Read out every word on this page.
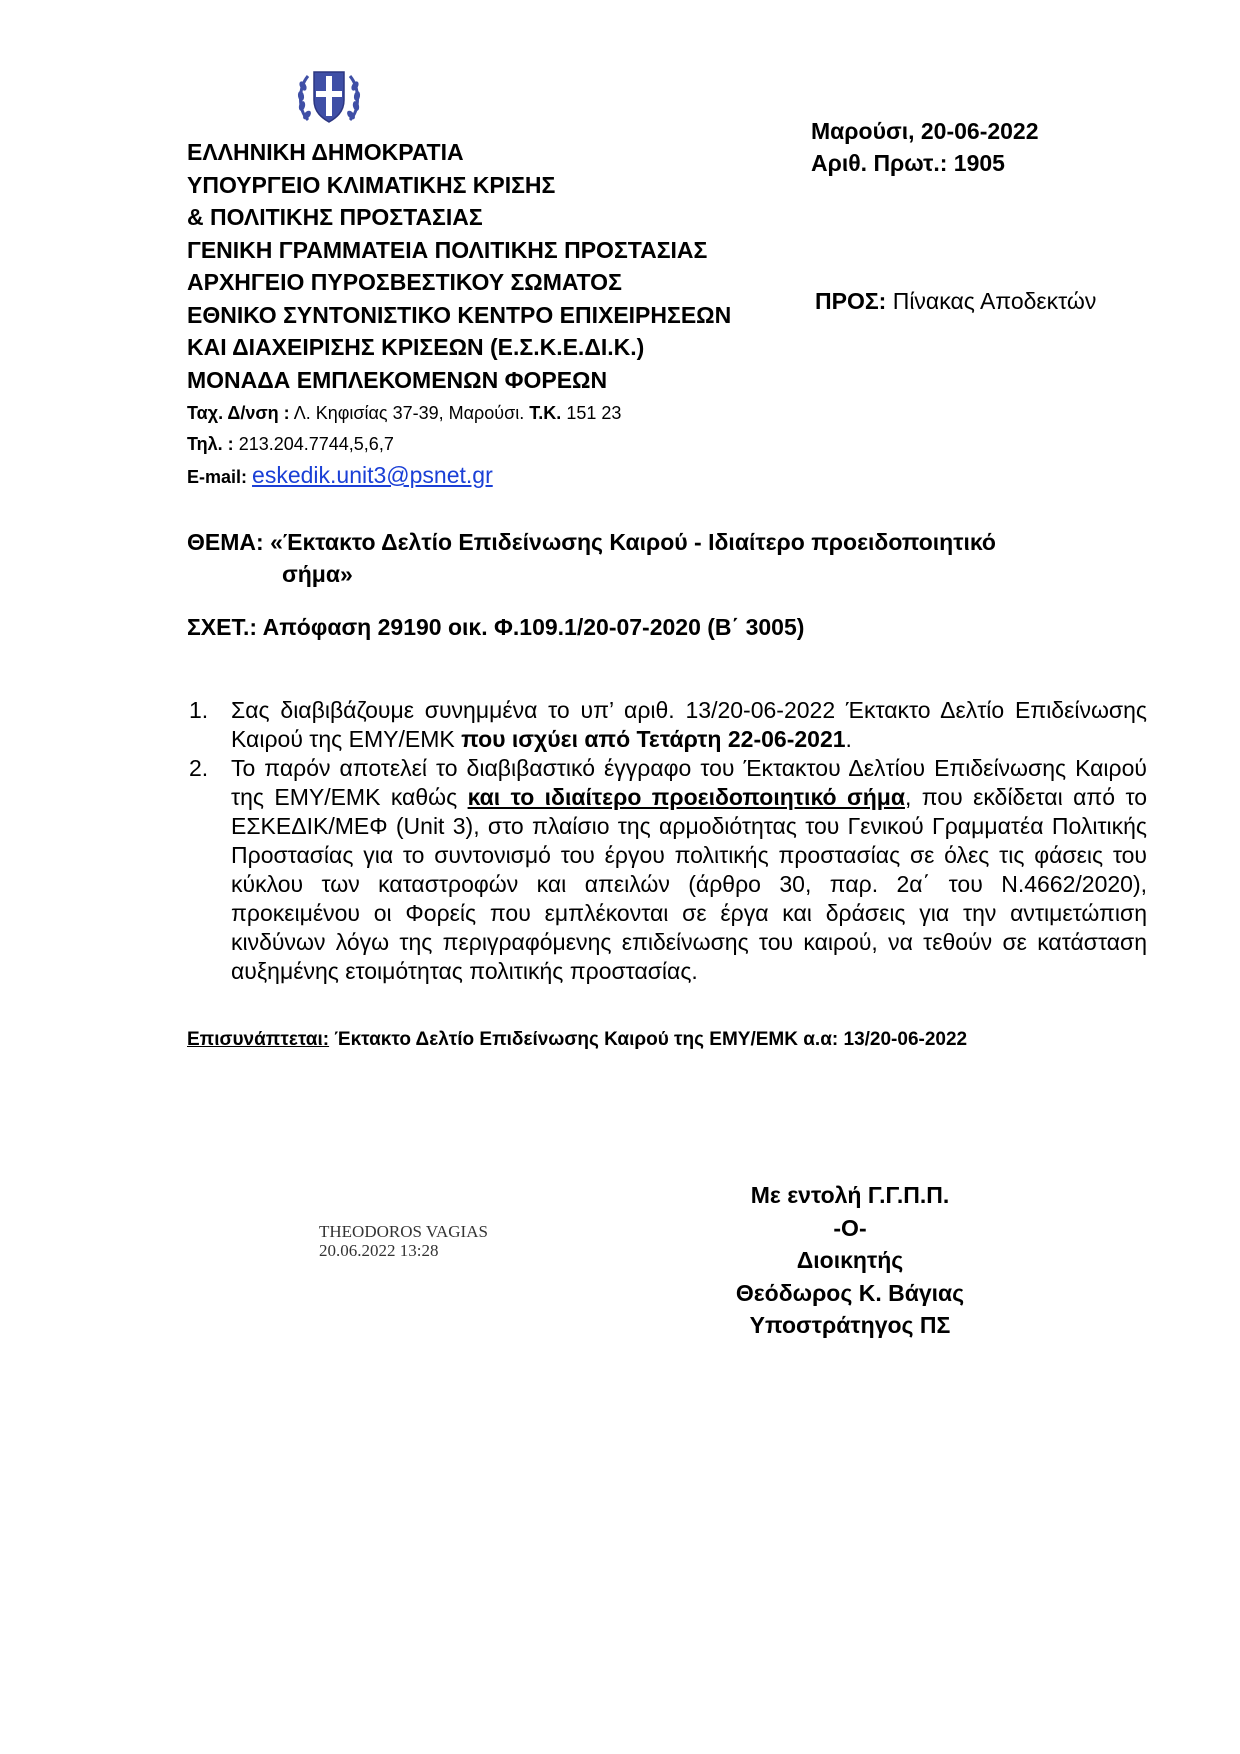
ΕΛΛΗΝΙΚΗ ΔΗΜΟΚΡΑΤΙΑ
ΥΠΟΥΡΓΕΙΟ ΚΛΙΜΑΤΙΚΗΣ ΚΡΙΣΗΣ
& ΠΟΛΙΤΙΚΗΣ ΠΡΟΣΤΑΣΙΑΣ
ΓΕΝΙΚΗ ΓΡΑΜΜΑΤΕΙΑ ΠΟΛΙΤΙΚΗΣ ΠΡΟΣΤΑΣΙΑΣ
ΑΡΧΗΓΕΙΟ ΠΥΡΟΣΒΕΣΤΙΚΟΥ ΣΩΜΑΤΟΣ
ΕΘΝΙΚΟ ΣΥΝΤΟΝΙΣΤΙΚΟ ΚΕΝΤΡΟ ΕΠΙΧΕΙΡΗΣΕΩΝ
ΚΑΙ ΔΙΑΧΕΙΡΙΣΗΣ ΚΡΙΣΕΩΝ (Ε.Σ.Κ.Ε.ΔΙ.Κ.)
ΜΟΝΑΔΑ ΕΜΠΛΕΚΟΜΕΝΩΝ ΦΟΡΕΩΝ
Ταχ. Δ/νση : Λ. Κηφισίας 37-39, Μαρούσι. Τ.Κ. 151 23
Τηλ. : 213.204.7744,5,6,7
E-mail: eskedik.unit3@psnet.gr
Μαρούσι, 20-06-2022
Αριθ. Πρωτ.: 1905
ΠΡΟΣ: Πίνακας Αποδεκτών
ΘΕΜΑ: «Έκτακτο Δελτίο Επιδείνωσης Καιρού - Ιδιαίτερο προειδοποιητικό
σήμα»
ΣΧΕΤ.: Απόφαση 29190 οικ. Φ.109.1/20-07-2020 (Β΄ 3005)
1. Σας διαβιβάζουμε συνημμένα το υπ’ αριθ. 13/20-06-2022 Έκτακτο Δελτίο Επιδείνωσης Καιρού της ΕΜΥ/ΕΜΚ που ισχύει από Τετάρτη 22-06-2021.
2. Το παρόν αποτελεί το διαβιβαστικό έγγραφο του Έκτακτου Δελτίου Επιδείνωσης Καιρού της ΕΜΥ/ΕΜΚ καθώς και το ιδιαίτερο προειδοποιητικό σήμα, που εκδίδεται από το ΕΣΚΕΔΙΚ/ΜΕΦ (Unit 3), στο πλαίσιο της αρμοδιότητας του Γενικού Γραμματέα Πολιτικής Προστασίας για το συντονισμό του έργου πολιτικής προστασίας σε όλες τις φάσεις του κύκλου των καταστροφών και απειλών (άρθρο 30, παρ. 2α΄ του Ν.4662/2020), προκειμένου οι Φορείς που εμπλέκονται σε έργα και δράσεις για την αντιμετώπιση κινδύνων λόγω της περιγραφόμενης επιδείνωσης του καιρού, να τεθούν σε κατάσταση αυξημένης ετοιμότητας πολιτικής προστασίας.
Επισυνάπτεται: Έκτακτο Δελτίο Επιδείνωσης Καιρού της ΕΜΥ/ΕΜΚ α.α: 13/20-06-2022
THEODOROS VAGIAS
20.06.2022 13:28
Με εντολή Γ.Γ.Π.Π.
-Ο-
Διοικητής
Θεόδωρος Κ. Βάγιας
Υποστράτηγος ΠΣ
